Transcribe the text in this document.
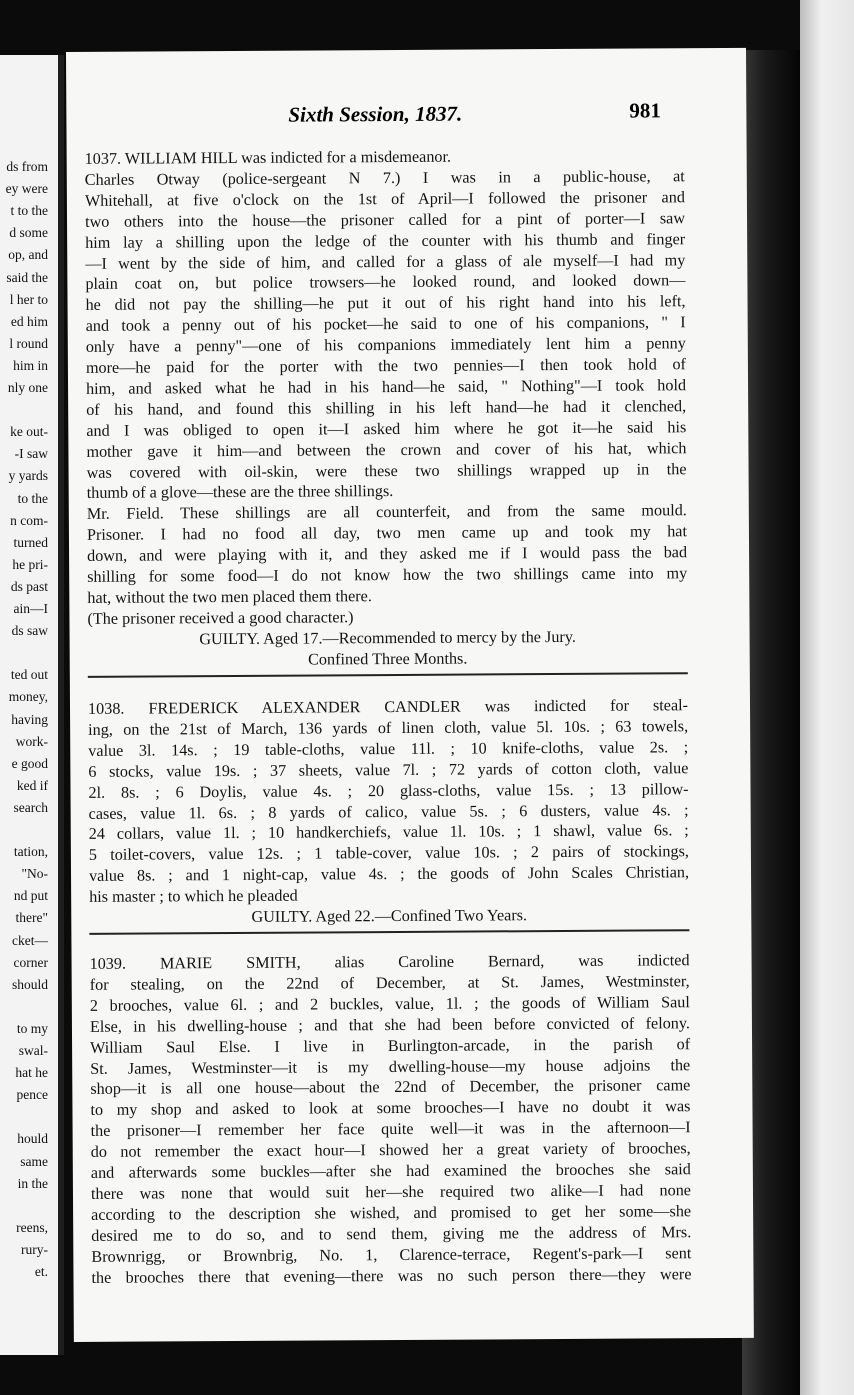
ds from
ey were
t to the
d some
op, and
said the
l her to
ed him
l round
him in
nly one
ke out-
-I saw
y yards
to the
n com-
turned
he pri-
ds past
ain—I
ds saw
ted out
money,
having
work-
e good
ked if
search
tation,
"No-
nd put
there"
cket—
corner
should
to my
swal-
hat he
pence
hould
same
in the
reens,
rury-
et.
Sixth Session, 1837.	981
1037. WILLIAM HILL was indicted for a misdemeanor.
Charles Otway (police-sergeant N 7.) I was in a public-house, at
Whitehall, at five o'clock on the 1st of April—I followed the prisoner and
two others into the house—the prisoner called for a pint of porter—I saw
him lay a shilling upon the ledge of the counter with his thumb and finger
—I went by the side of him, and called for a glass of ale myself—I had my
plain coat on, but police trowsers—he looked round, and looked down—
he did not pay the shilling—he put it out of his right hand into his left,
and took a penny out of his pocket—he said to one of his companions, " I
only have a penny"—one of his companions immediately lent him a penny
more—he paid for the porter with the two pennies—I then took hold of
him, and asked what he had in his hand—he said, " Nothing"—I took hold
of his hand, and found this shilling in his left hand—he had it clenched,
and I was obliged to open it—I asked him where he got it—he said his
mother gave it him—and between the crown and cover of his hat, which
was covered with oil-skin, were these two shillings wrapped up in the
thumb of a glove—these are the three shillings.
Mr. Field. These shillings are all counterfeit, and from the same mould.
Prisoner. I had no food all day, two men came up and took my hat
down, and were playing with it, and they asked me if I would pass the bad
shilling for some food—I do not know how the two shillings came into my
hat, without the two men placed them there.
(The prisoner received a good character.)
GUILTY. Aged 17.—Recommended to mercy by the Jury.
Confined Three Months.
1038. FREDERICK ALEXANDER CANDLER was indicted for steal-
ing, on the 21st of March, 136 yards of linen cloth, value 5l. 10s. ; 63 towels,
value 3l. 14s. ; 19 table-cloths, value 11l. ; 10 knife-cloths, value 2s. ;
6 stocks, value 19s. ; 37 sheets, value 7l. ; 72 yards of cotton cloth, value
2l. 8s. ; 6 Doylis, value 4s. ; 20 glass-cloths, value 15s. ; 13 pillow-
cases, value 1l. 6s. ; 8 yards of calico, value 5s. ; 6 dusters, value 4s. ;
24 collars, value 1l. ; 10 handkerchiefs, value 1l. 10s. ; 1 shawl, value 6s. ;
5 toilet-covers, value 12s. ; 1 table-cover, value 10s. ; 2 pairs of stockings,
value 8s. ; and 1 night-cap, value 4s. ; the goods of John Scales Christian,
his master ; to which he pleaded
GUILTY. Aged 22.—Confined Two Years.
1039. MARIE SMITH, alias Caroline Bernard, was indicted
for stealing, on the 22nd of December, at St. James, Westminster,
2 brooches, value 6l. ; and 2 buckles, value, 1l. ; the goods of William Saul
Else, in his dwelling-house ; and that she had been before convicted of felony.
William Saul Else. I live in Burlington-arcade, in the parish of
St. James, Westminster—it is my dwelling-house—my house adjoins the
shop—it is all one house—about the 22nd of December, the prisoner came
to my shop and asked to look at some brooches—I have no doubt it was
the prisoner—I remember her face quite well—it was in the afternoon—I
do not remember the exact hour—I showed her a great variety of brooches,
and afterwards some buckles—after she had examined the brooches she said
there was none that would suit her—she required two alike—I had none
according to the description she wished, and promised to get her some—she
desired me to do so, and to send them, giving me the address of Mrs.
Brownrigg, or Brownbrig, No. 1, Clarence-terrace, Regent's-park—I sent
the brooches there that evening—there was no such person there—they were
